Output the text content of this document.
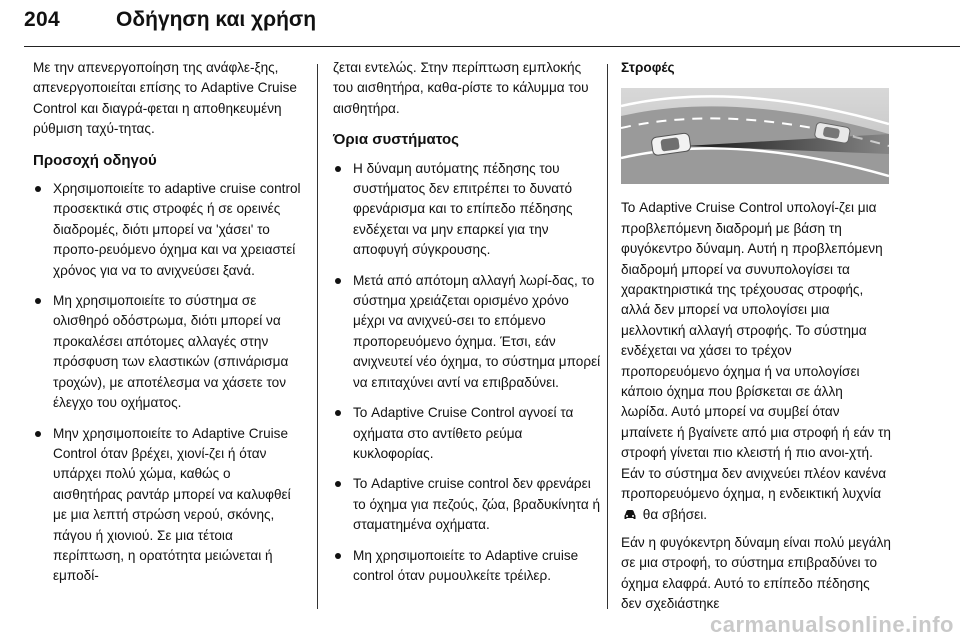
204	Οδήγηση και χρήση

Με την απενεργοποίηση της ανάφλε-ξης, απενεργοποιείται επίσης το Adaptive Cruise Control και διαγρά-φεται η αποθηκευμένη ρύθμιση ταχύ-τητας.

Προσοχή οδηγού

Χρησιμοποιείτε το adaptive cruise control προσεκτικά στις στροφές ή σε ορεινές διαδρομές, διότι μπορεί να 'χάσει' το προπο-ρευόμενο όχημα και να χρειαστεί χρόνος για να το ανιχνεύσει ξανά.
Μη χρησιμοποιείτε το σύστημα σε ολισθηρό οδόστρωμα, διότι μπορεί να προκαλέσει απότομες αλλαγές στην πρόσφυση των ελαστικών (σπινάρισμα τροχών), με αποτέλεσμα να χάσετε τον έλεγχο του οχήματος.
Μην χρησιμοποιείτε το Adaptive Cruise Control όταν βρέχει, χιονί-ζει ή όταν υπάρχει πολύ χώμα, καθώς ο αισθητήρας ραντάρ μπορεί να καλυφθεί με μια λεπτή στρώση νερού, σκόνης, πάγου ή χιονιού. Σε μια τέτοια περίπτωση, η ορατότητα μειώνεται ή εμποδί-

ζεται εντελώς. Στην περίπτωση εμπλοκής του αισθητήρα, καθα-ρίστε το κάλυμμα του αισθητήρα.

Όρια συστήματος

Η δύναμη αυτόματης πέδησης του συστήματος δεν επιτρέπει το δυνατό φρενάρισμα και το επίπεδο πέδησης ενδέχεται να μην επαρκεί για την αποφυγή σύγκρουσης.
Μετά από απότομη αλλαγή λωρί-δας, το σύστημα χρειάζεται ορισμένο χρόνο μέχρι να ανιχνεύ-σει το επόμενο προπορευόμενο όχημα. Έτσι, εάν ανιχνευτεί νέο όχημα, το σύστημα μπορεί να επιταχύνει αντί να επιβραδύνει.
Το Adaptive Cruise Control αγνοεί τα οχήματα στο αντίθετο ρεύμα κυκλοφορίας.
Το Adaptive cruise control δεν φρενάρει το όχημα για πεζούς, ζώα, βραδυκίνητα ή σταματημένα οχήματα.
Μη χρησιμοποιείτε το Adaptive cruise control όταν ρυμουλκείτε τρέιλερ.

Στροφές

Το Adaptive Cruise Control υπολογί-ζει μια προβλεπόμενη διαδρομή με βάση τη φυγόκεντρο δύναμη. Αυτή η προβλεπόμενη διαδρομή μπορεί να συνυπολογίσει τα χαρακτηριστικά της τρέχουσας στροφής, αλλά δεν μπορεί να υπολογίσει μια μελλοντική αλλαγή στροφής. Το σύστημα ενδέχεται να χάσει το τρέχον προπορευόμενο όχημα ή να υπολογίσει κάποιο όχημα που βρίσκεται σε άλλη λωρίδα. Αυτό μπορεί να συμβεί όταν μπαίνετε ή βγαίνετε από μια στροφή ή εάν τη στροφή γίνεται πιο κλειστή ή πιο ανοι-χτή. Εάν το σύστημα δεν ανιχνεύει πλέον κανένα προπορευόμενο όχημα, η ενδεικτική λυχνία  θα σβήσει.

Εάν η φυγόκεντρη δύναμη είναι πολύ μεγάλη σε μια στροφή, το σύστημα επιβραδύνει το όχημα ελαφρά. Αυτό το επίπεδο πέδησης δεν σχεδιάστηκε

carmanualsonline.info
